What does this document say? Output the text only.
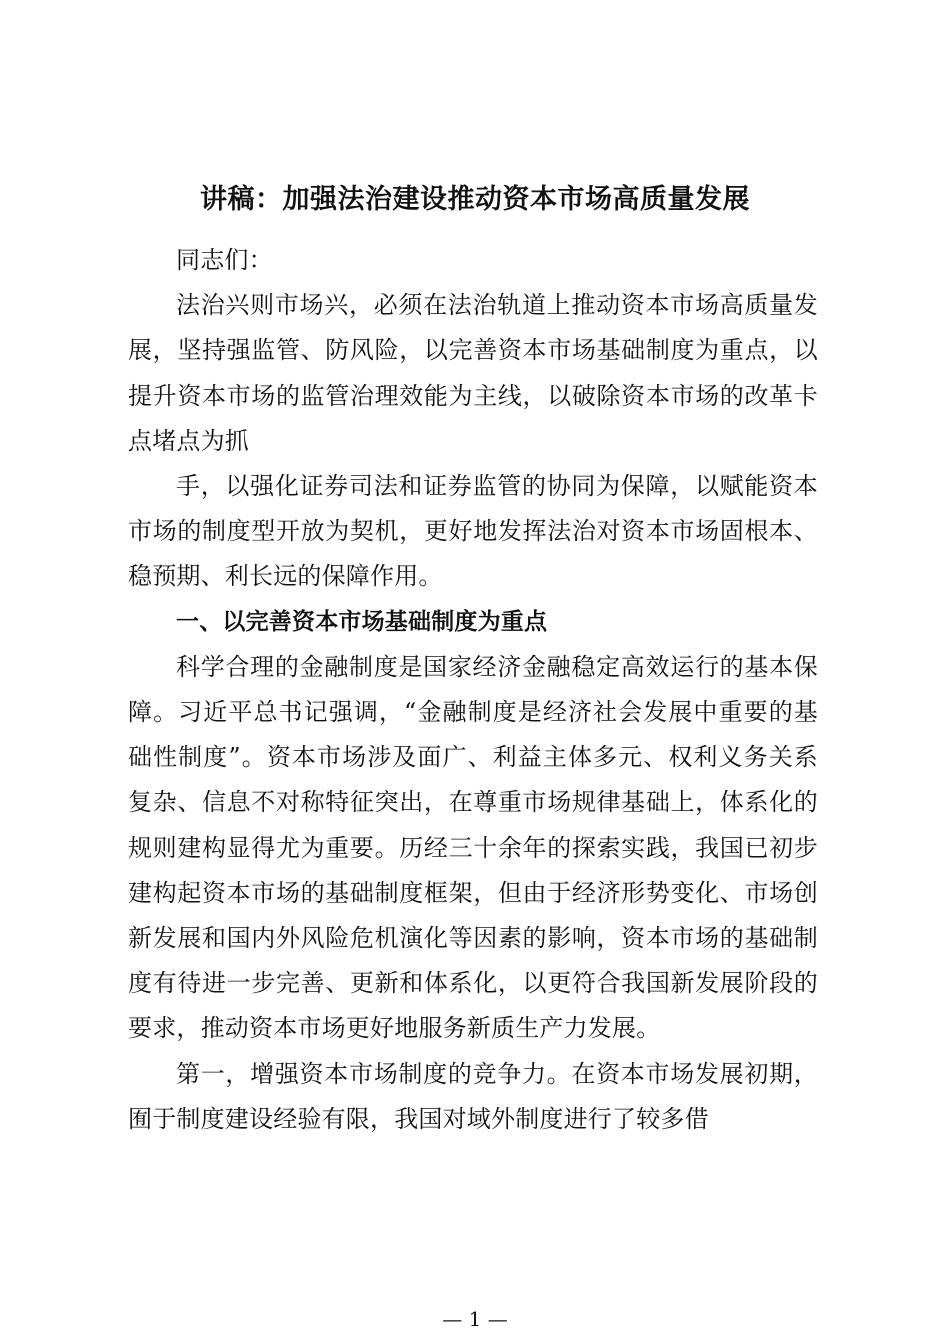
讲稿：加强法治建设推动资本市场高质量发展

同志们：

法治兴则市场兴，必须在法治轨道上推动资本市场高质量发展，坚持强监管、防风险，以完善资本市场基础制度为重点，以提升资本市场的监管治理效能为主线，以破除资本市场的改革卡点堵点为抓

手，以强化证券司法和证券监管的协同为保障，以赋能资本市场的制度型开放为契机，更好地发挥法治对资本市场固根本、稳预期、利长远的保障作用。

一、以完善资本市场基础制度为重点

科学合理的金融制度是国家经济金融稳定高效运行的基本保障。习近平总书记强调，“金融制度是经济社会发展中重要的基础性制度”。资本市场涉及面广、利益主体多元、权利义务关系复杂、信息不对称特征突出，在尊重市场规律基础上，体系化的规则建构显得尤为重要。历经三十余年的探索实践，我国已初步建构起资本市场的基础制度框架，但由于经济形势变化、市场创新发展和国内外风险危机演化等因素的影响，资本市场的基础制度有待进一步完善、更新和体系化，以更符合我国新发展阶段的要求，推动资本市场更好地服务新质生产力发展。

第一，增强资本市场制度的竞争力。在资本市场发展初期，囿于制度建设经验有限，我国对域外制度进行了较多借

— 1 —
